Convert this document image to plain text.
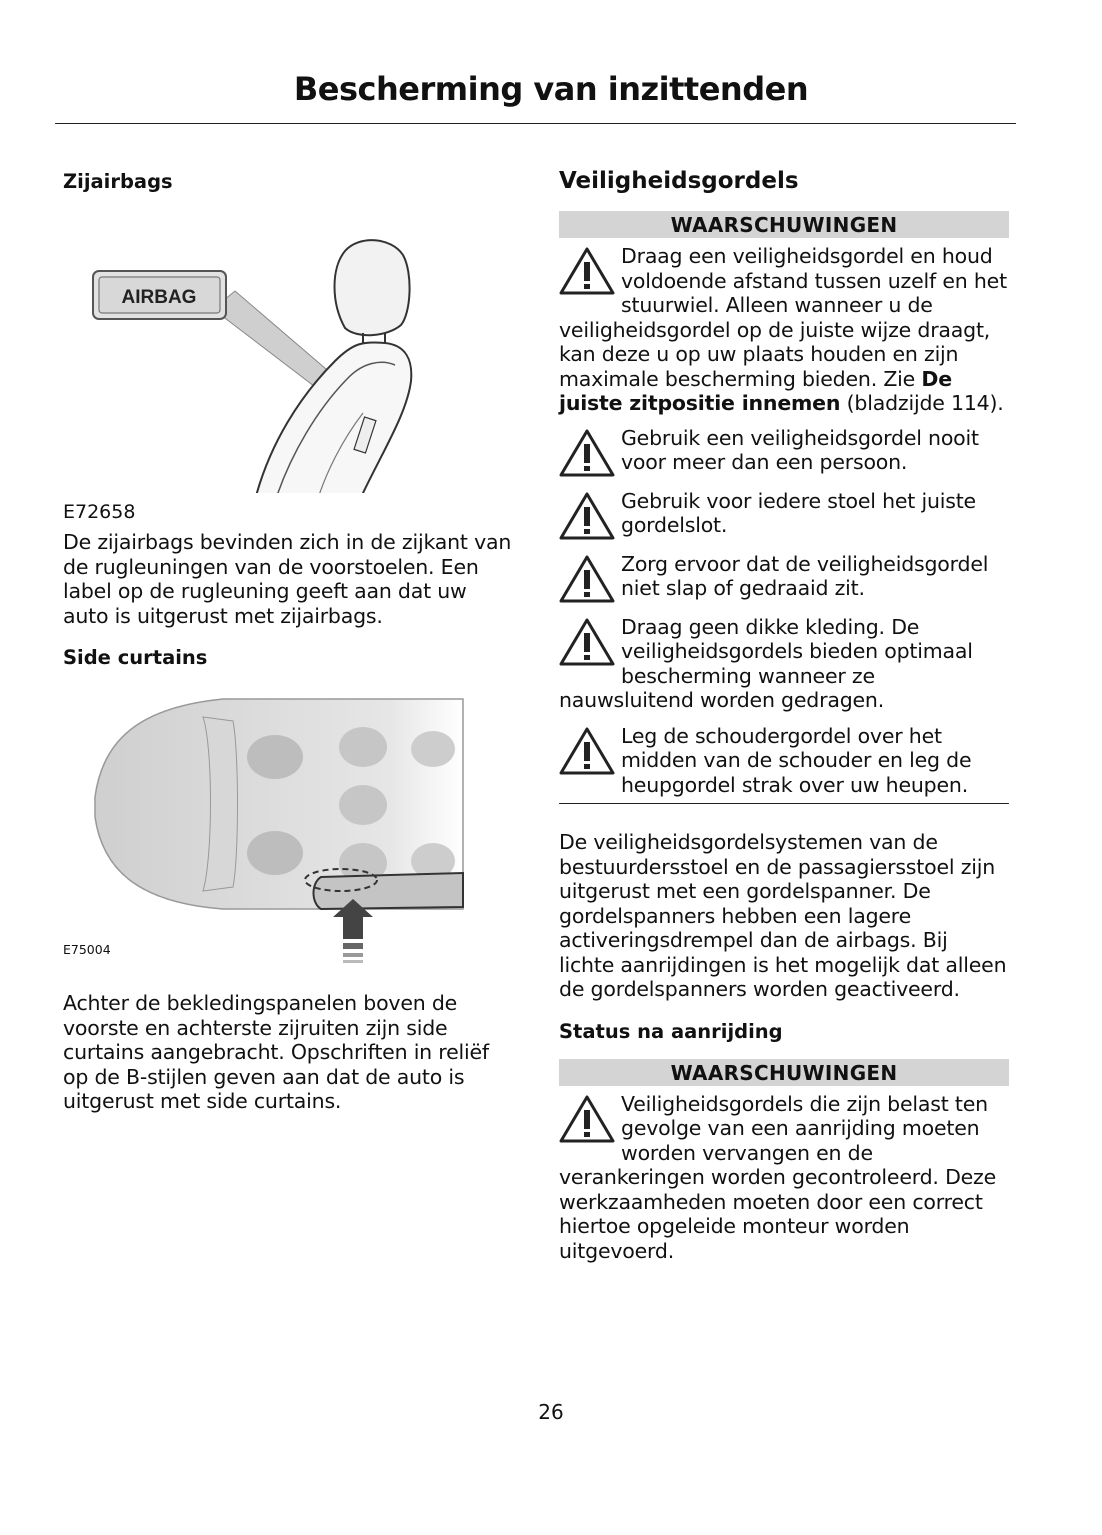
Bescherming van inzittenden

Zijairbags

AIRBAG
E72658

De zijairbags bevinden zich in de zijkant van de rugleuningen van de voorstoelen. Een label op de rugleuning geeft aan dat uw auto is uitgerust met zijairbags.

Side curtains

E75004

Achter de bekledingspanelen boven de voorste en achterste zijruiten zijn side curtains aangebracht. Opschriften in reliëf op de B-stijlen geven aan dat de auto is uitgerust met side curtains.

Veiligheidsgordels

WAARSCHUWINGEN
Draag een veiligheidsgordel en houd voldoende afstand tussen uzelf en het stuurwiel. Alleen wanneer u de
veiligheidsgordel op de juiste wijze draagt, kan deze u op uw plaats houden en zijn maximale bescherming bieden. Zie De juiste zitpositie innemen (bladzijde 114).
Gebruik een veiligheidsgordel nooit voor meer dan een persoon.
Gebruik voor iedere stoel het juiste gordelslot.
Zorg ervoor dat de veiligheidsgordel niet slap of gedraaid zit.
Draag geen dikke kleding. De veiligheidsgordels bieden optimaal bescherming wanneer ze
nauwsluitend worden gedragen.
Leg de schoudergordel over het midden van de schouder en leg de heupgordel strak over uw heupen.

De veiligheidsgordelsystemen van de bestuurdersstoel en de passagiersstoel zijn uitgerust met een gordelspanner. De gordelspanners hebben een lagere activeringsdrempel dan de airbags. Bij lichte aanrijdingen is het mogelijk dat alleen de gordelspanners worden geactiveerd.

Status na aanrijding

WAARSCHUWINGEN
Veiligheidsgordels die zijn belast ten gevolge van een aanrijding moeten worden vervangen en de
verankeringen worden gecontroleerd. Deze werkzaamheden moeten door een correct hiertoe opgeleide monteur worden uitgevoerd.
26
